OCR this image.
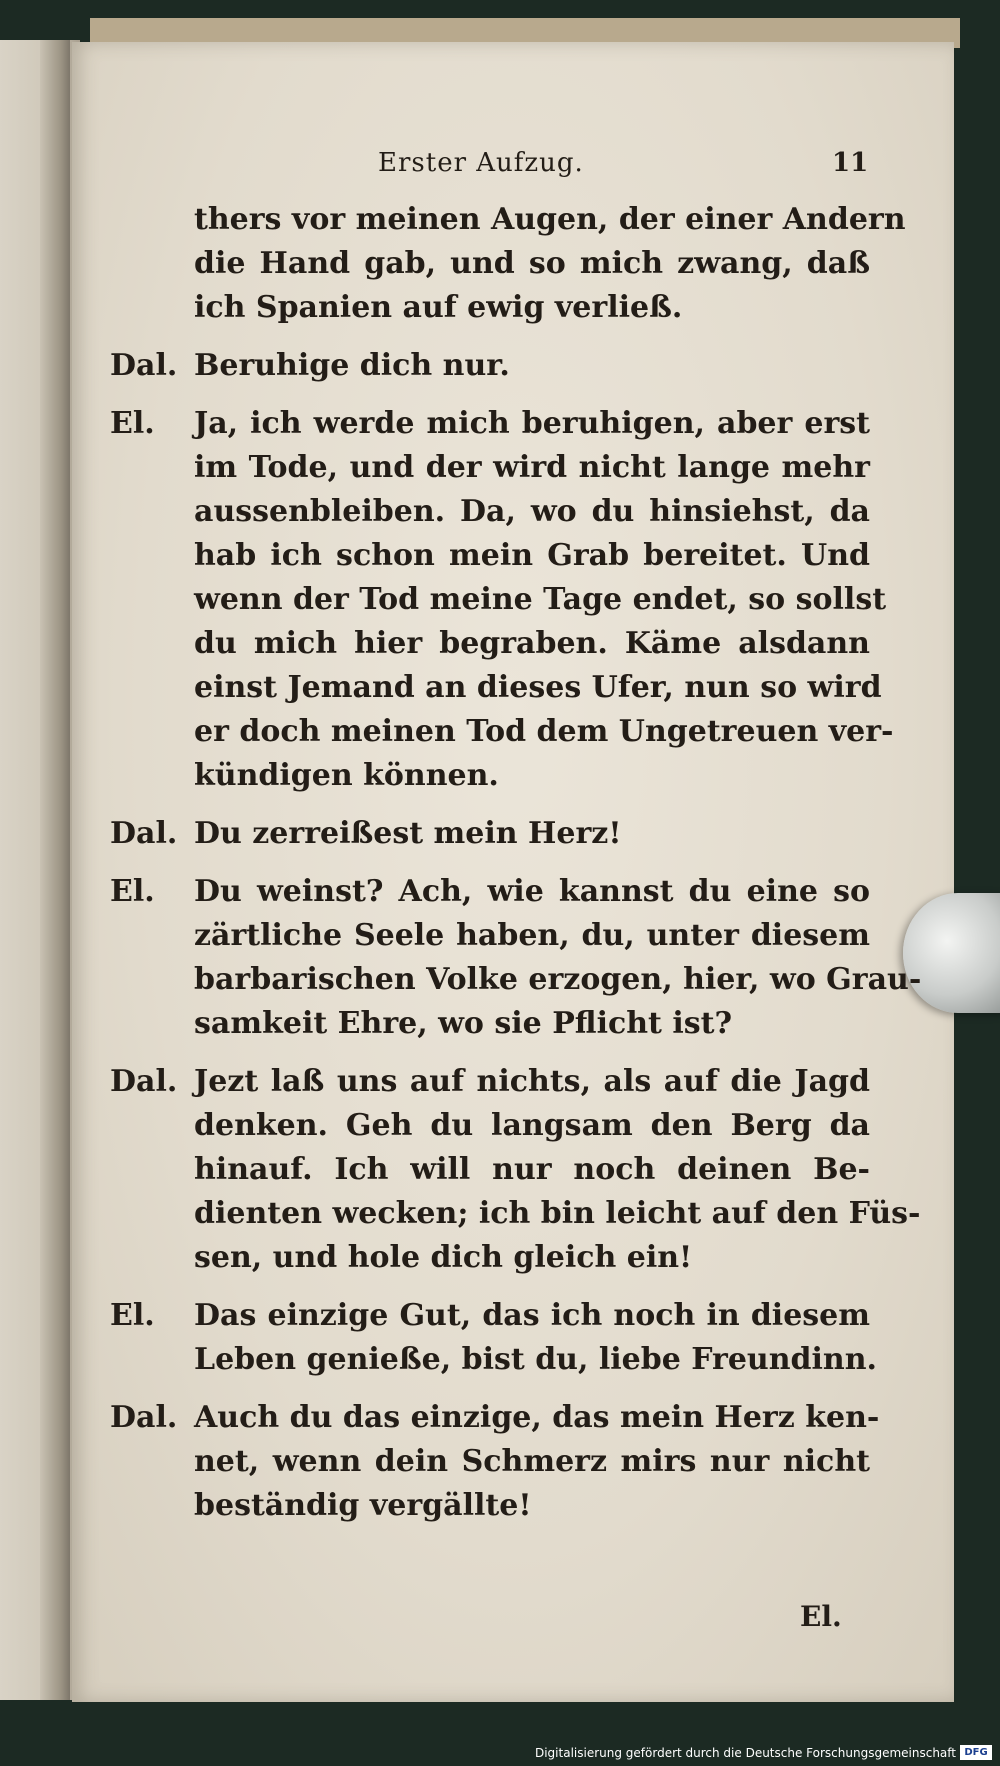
Erster Aufzug.	11
thers vor meinen Augen, der einer Andern
die Hand gab, und so mich zwang, daß
ich Spanien auf ewig verließ.
Dal. Beruhige dich nur.
El.	Ja, ich werde mich beruhigen, aber erst
im Tode, und der wird nicht lange mehr
aussenbleiben. Da, wo du hinsiehst, da
hab ich schon mein Grab bereitet. Und
wenn der Tod meine Tage endet, so sollst
du mich hier begraben. Käme alsdann
einst Jemand an dieses Ufer, nun so wird
er doch meinen Tod dem Ungetreuen ver-
kündigen können.
Dal. Du zerreißest mein Herz!
El.	Du weinst? Ach, wie kannst du eine so
zärtliche Seele haben, du, unter diesem
barbarischen Volke erzogen, hier, wo Grau-
samkeit Ehre, wo sie Pflicht ist?
Dal. Jezt laß uns auf nichts, als auf die Jagd
denken. Geh du langsam den Berg da
hinauf. Ich will nur noch deinen Be-
dienten wecken; ich bin leicht auf den Füs-
sen, und hole dich gleich ein!
El.	Das einzige Gut, das ich noch in diesem
Leben genieße, bist du, liebe Freundinn.
Dal. Auch du das einzige, das mein Herz ken-
net, wenn dein Schmerz mirs nur nicht
beständig vergällte!
El.
Digitalisierung gefördert durch die Deutsche Forschungsgemeinschaft DFG
